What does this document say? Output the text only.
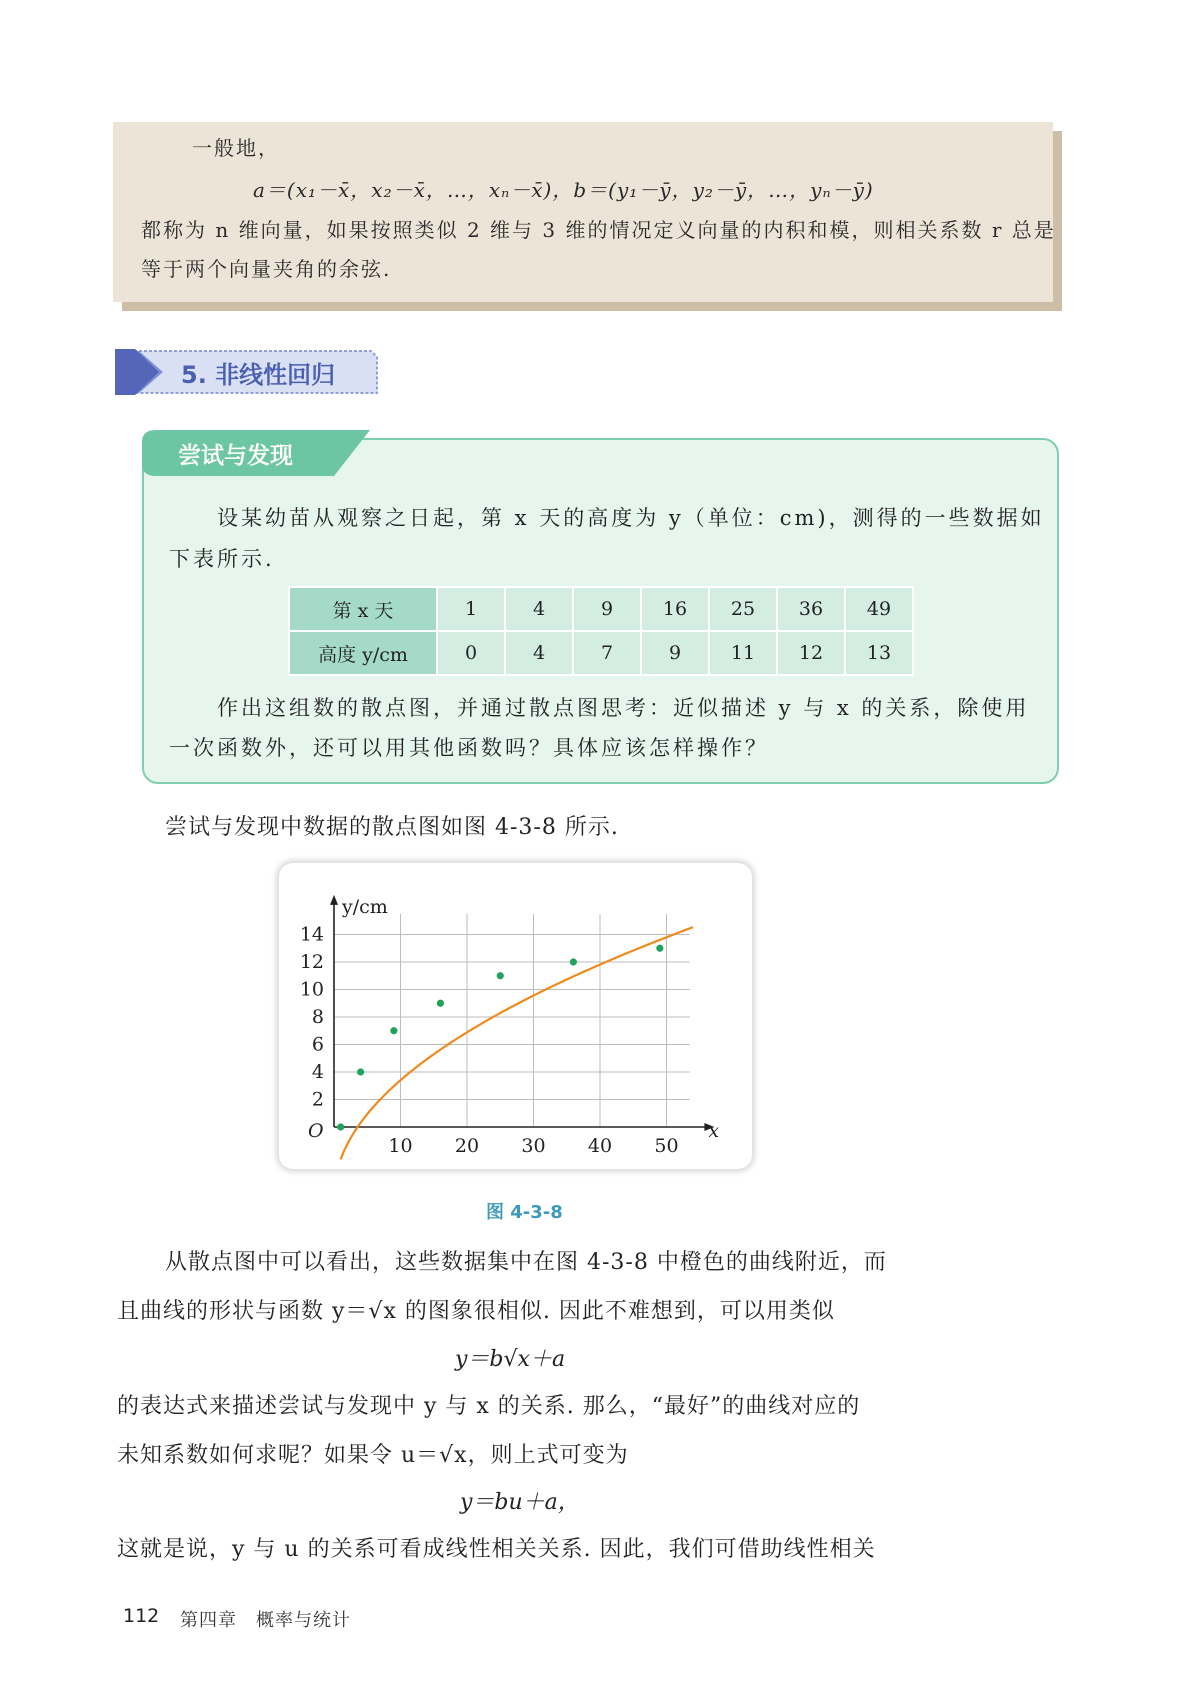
一般地，
a＝(x₁－x̄，x₂－x̄，…，xₙ－x̄)，b＝(y₁－ȳ，y₂－ȳ，…，yₙ－ȳ)
都称为 n 维向量，如果按照类似 2 维与 3 维的情况定义向量的内积和模，则相关系数 r 总是
等于两个向量夹角的余弦.
5. 非线性回归
设某幼苗从观察之日起，第 x 天的高度为 y（单位：cm)，测得的一些数据如
下表所示.
作出这组数的散点图，并通过散点图思考：近似描述 y 与 x 的关系，除使用
一次函数外，还可以用其他函数吗？具体应该怎样操作？
尝试与发现
第 x 天	1	4	9	16	25	36	49
高度 y/cm	0	4	7	9	11	12	13
尝试与发现中数据的散点图如图 4-3-8 所示.
10 20 30 40 50
2
4
6
8
10
12
14
O	x
y/cm
图 4-3-8
从散点图中可以看出，这些数据集中在图 4-3-8 中橙色的曲线附近，而
且曲线的形状与函数 y＝√x 的图象很相似. 因此不难想到，可以用类似
y＝b√x＋a
的表达式来描述尝试与发现中 y 与 x 的关系. 那么，“最好”的曲线对应的
未知系数如何求呢？如果令 u＝√x，则上式可变为
y＝bu＋a，
这就是说，y 与 u 的关系可看成线性相关关系. 因此，我们可借助线性相关
112 第四章　概率与统计
